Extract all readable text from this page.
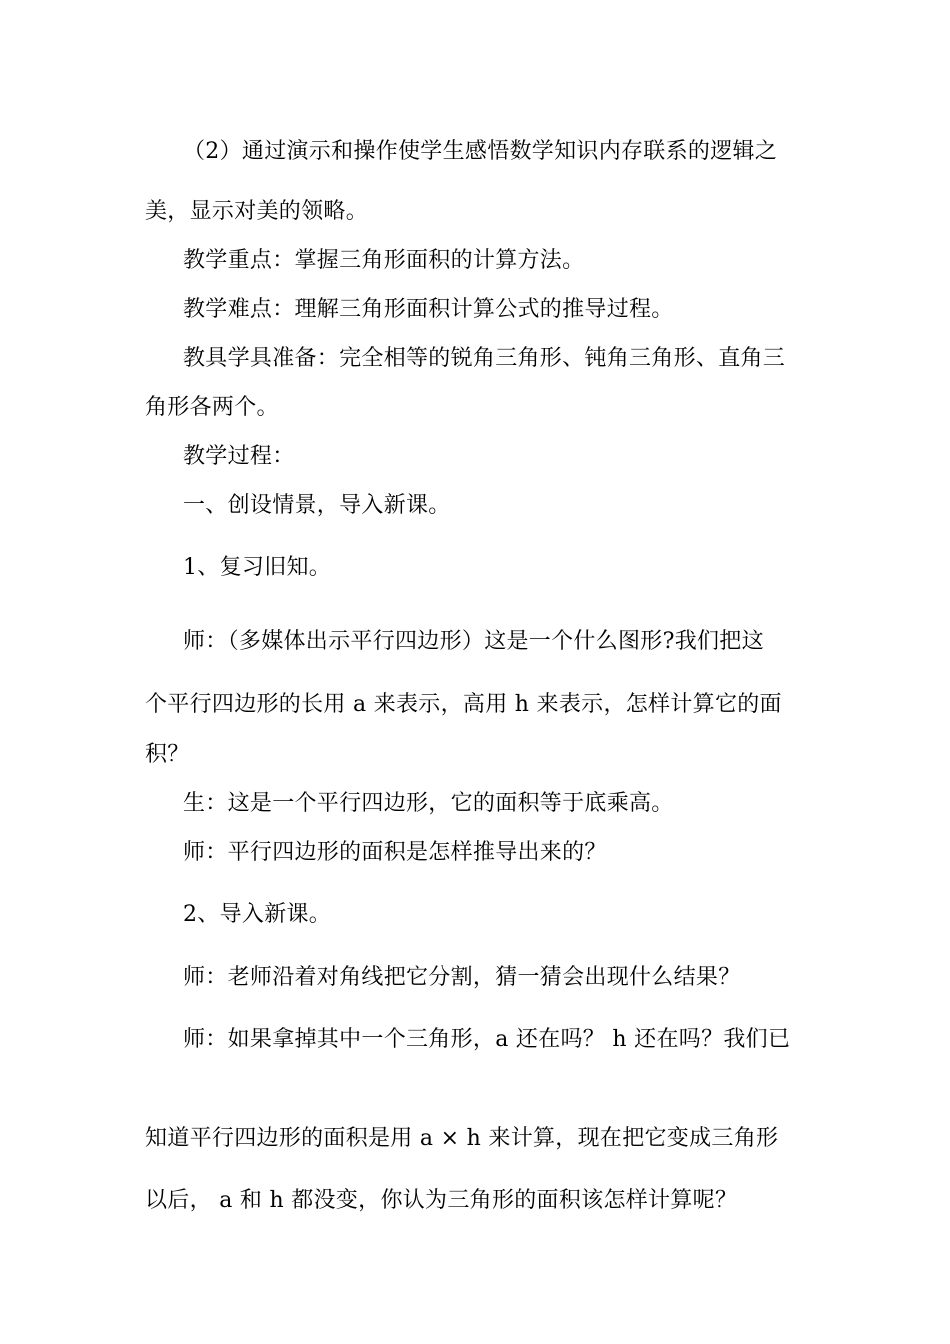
（2）通过演示和操作使学生感悟数学知识内存联系的逻辑之
美，显示对美的领略。
教学重点：掌握三角形面积的计算方法。
教学难点：理解三角形面积计算公式的推导过程。
教具学具准备：完全相等的锐角三角形、钝角三角形、直角三
角形各两个。
教学过程：
一、创设情景，导入新课。
1、复习旧知。
师：（多媒体出示平行四边形）这是一个什么图形?我们把这
个平行四边形的长用 a 来表示，高用 h 来表示，怎样计算它的面
积？
生：这是一个平行四边形，它的面积等于底乘高。
师：平行四边形的面积是怎样推导出来的？
2、导入新课。
师：老师沿着对角线把它分割，猜一猜会出现什么结果？
师：如果拿掉其中一个三角形，a 还在吗？ h 还在吗？我们已
知道平行四边形的面积是用 a × h 来计算，现在把它变成三角形
以后， a 和 h 都没变，你认为三角形的面积该怎样计算呢？
